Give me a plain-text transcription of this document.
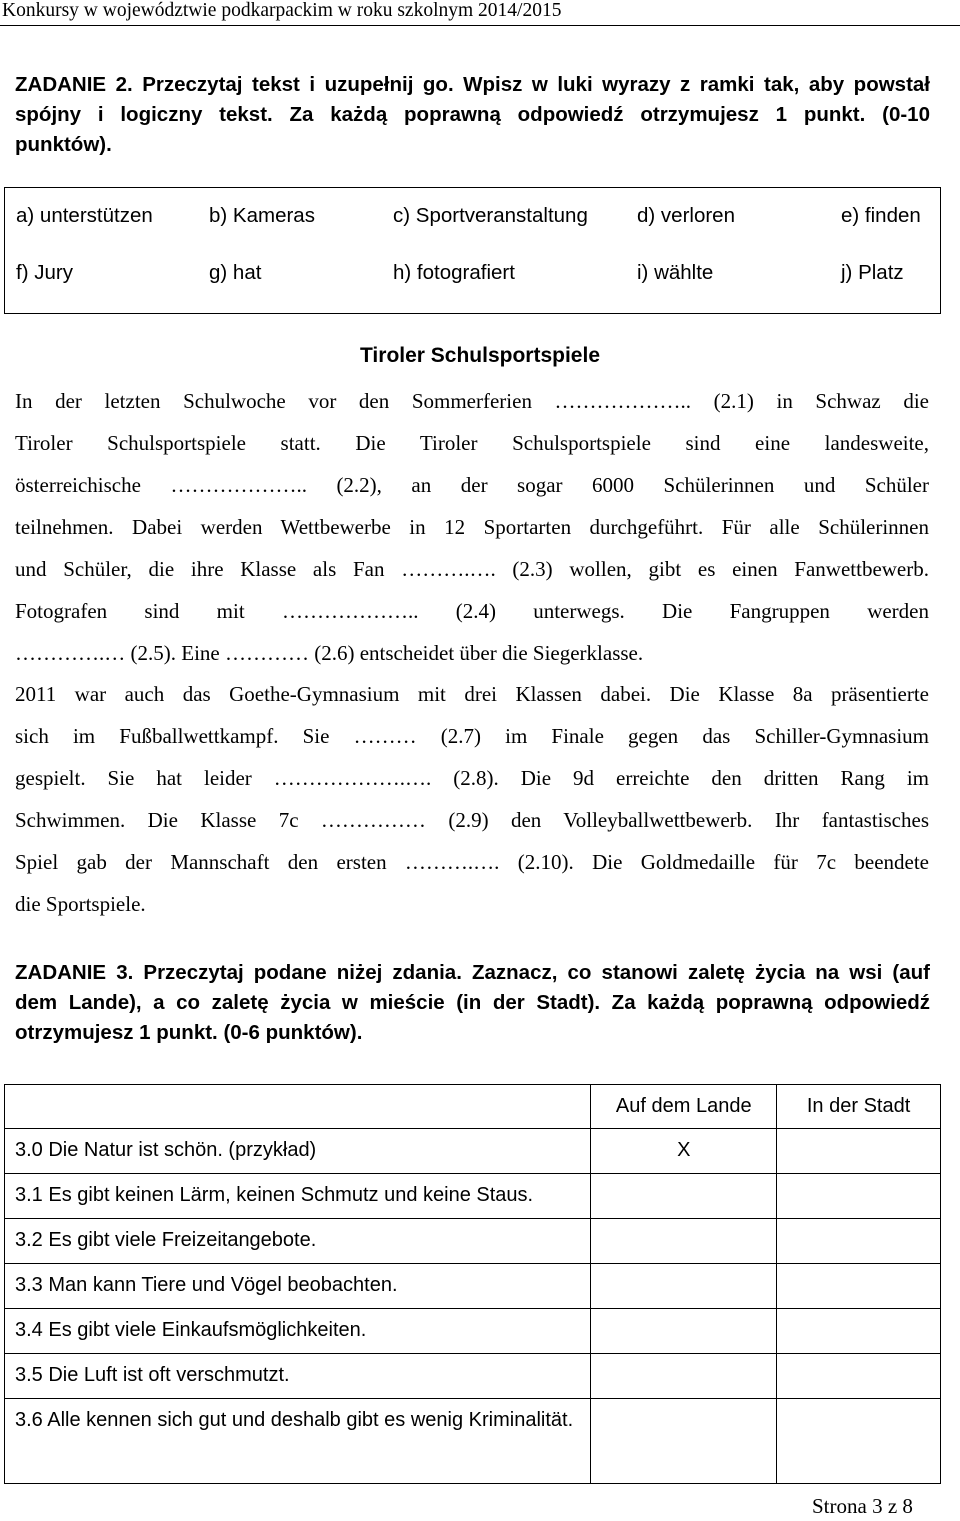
Konkursy w województwie podkarpackim w roku szkolnym 2014/2015
ZADANIE 2. Przeczytaj tekst i uzupełnij go. Wpisz w luki wyrazy z ramki tak, aby powstał
spójny i logiczny tekst. Za każdą poprawną odpowiedź otrzymujesz 1 punkt. (0-10
punktów).
a) unterstützen	b) Kameras	c) Sportveranstaltung d) verloren	e) finden
f) Jury	g) hat	h) fotografiert	i) wählte	j) Platz
Tiroler Schulsportspiele
In der letzten Schulwoche vor den Sommerferien ……………….. (2.1) in Schwaz die
Tiroler Schulsportspiele statt. Die Tiroler Schulsportspiele sind eine landesweite,
österreichische ……………….. (2.2), an der sogar 6000 Schülerinnen und Schüler
teilnehmen. Dabei werden Wettbewerbe in 12 Sportarten durchgeführt. Für alle Schülerinnen
und Schüler, die ihre Klasse als Fan ……….…. (2.3) wollen, gibt es einen Fanwettbewerb.
Fotografen sind mit ……………….. (2.4) unterwegs. Die Fangruppen werden
………….… (2.5). Eine ………… (2.6) entscheidet über die Siegerklasse.
2011 war auch das Goethe-Gymnasium mit drei Klassen dabei. Die Klasse 8a präsentierte
sich im Fußballwettkampf. Sie ……… (2.7) im Finale gegen das Schiller-Gymnasium
gespielt. Sie hat leider ……………….…. (2.8). Die 9d erreichte den dritten Rang im
Schwimmen. Die Klasse 7c …………… (2.9) den Volleyballwettbewerb. Ihr fantastisches
Spiel gab der Mannschaft den ersten ……….…. (2.10). Die Goldmedaille für 7c beendete
die Sportspiele.
ZADANIE 3. Przeczytaj podane niżej zdania. Zaznacz, co stanowi zaletę życia na wsi (auf
dem Lande), a co zaletę życia w mieście (in der Stadt). Za każdą poprawną odpowiedź
otrzymujesz 1 punkt. (0-6 punktów).

	Auf dem Lande	In der Stadt

3.0 Die Natur ist schön. (przykład)	X	

3.1 Es gibt keinen Lärm, keinen Schmutz und keine Staus.		

3.2 Es gibt viele Freizeitangebote.		

3.3 Man kann Tiere und Vögel beobachten.		

3.4 Es gibt viele Einkaufsmöglichkeiten.		

3.5 Die Luft ist oft verschmutzt.		

3.6 Alle kennen sich gut und deshalb gibt es wenig Kriminalität.		

Strona 3 z 8
